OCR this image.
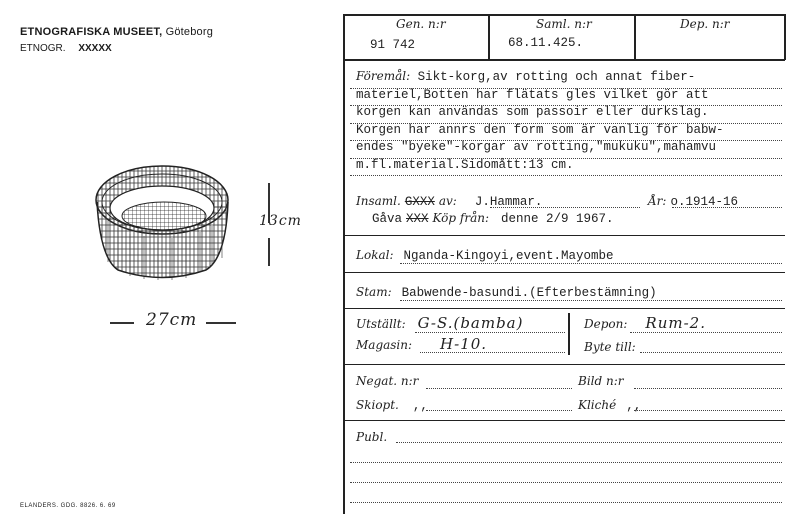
ETNOGRAFISKA MUSEET, Göteborg
ETNOGR. XXXXX
13cm
27cm
ELANDERS. GDG. 8826. 6. 69
Gen. n:r
91 742
Saml. n:r
68.11.425.
Dep. n:r
Föremål: Sikt-korg,av rotting och annat fiber-
materiel,Botten har flätats gles vilket gör att
korgen kan användas som passoir eller durkslag.
Korgen har annrs den form som är vanlig för babw-
endes "byeke"-korgar av rotting,"mukuku",mahamvu
m.fl.material.Sidomått:13 cm.
Insaml. GXXX av: J.Hammar.	År: o.1914-16
Gåva XXX Köp från: denne 2/9 1967.
Lokal: Nganda-Kingoyi,event.Mayombe
Stam: Babwende-basundi.(Efterbestämning)
Utställt: G-S.(bamba)	Depon: Rum-2.
Magasin: H-10.	Byte till:
Negat. n:r	Bild n:r
Skiopt. ,,	Kliché ,,
Publ.
